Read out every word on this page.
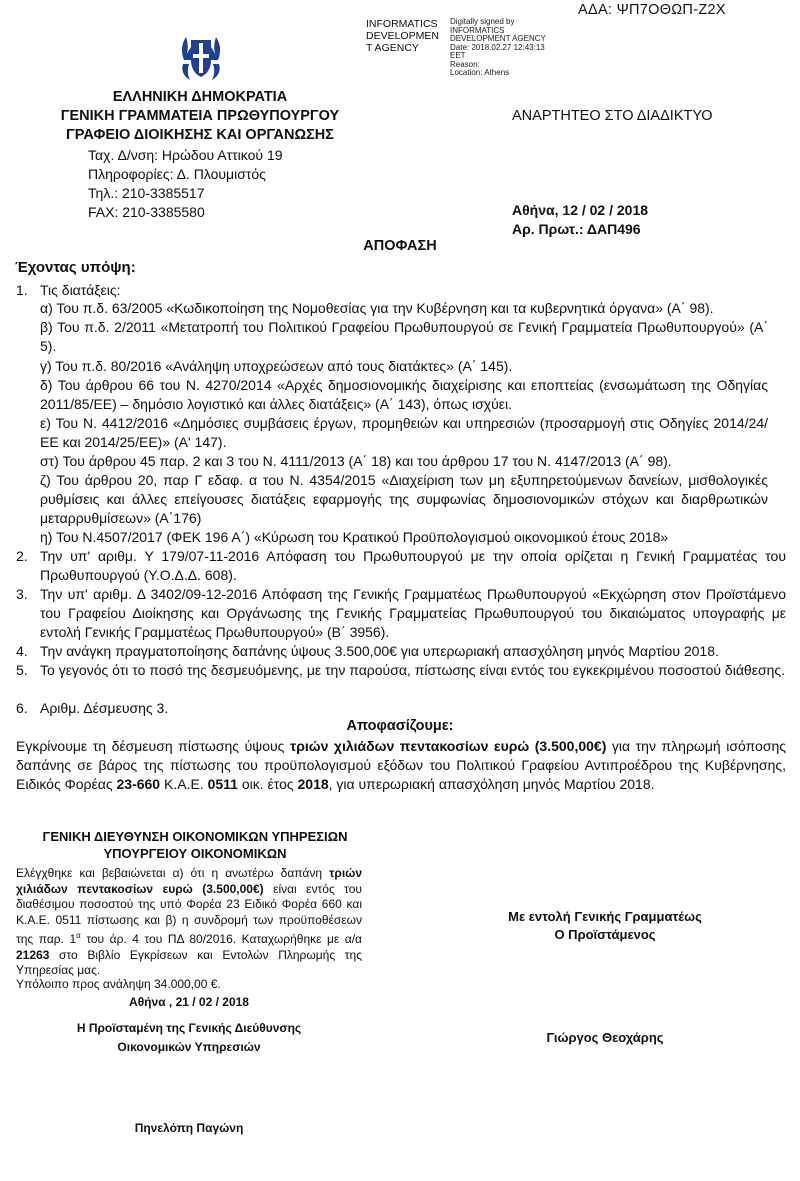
INFORMATICS
DEVELOPMEN
T AGENCY
Digitally signed by
INFORMATICS
DEVELOPMENT AGENCY
Date: 2018.02.27 12:43:13
EET
Reason:
Location: Athens
ΑΔΑ: ΨΠ7ΟΘΩΠ-Ζ2Χ
ΕΛΛΗΝΙΚΗ ΔΗΜΟΚΡΑΤΙΑ
ΓΕΝΙΚΗ ΓΡΑΜΜΑΤΕΙΑ ΠΡΩΘΥΠΟΥΡΓΟΥ
ΓΡΑΦΕΙΟ ΔΙΟΙΚΗΣΗΣ ΚΑΙ ΟΡΓΑΝΩΣΗΣ
Ταχ. Δ/νση: Ηρώδου Αττικού 19
Πληροφορίες: Δ. Πλουμιστός
Τηλ.: 210-3385517
FAX: 210-3385580
ΑΝΑΡΤΗΤΕΟ ΣΤΟ ΔΙΑΔΙΚΤΥΟ
Αθήνα, 12 / 02 / 2018
Αρ. Πρωτ.: ΔΑΠ496
ΑΠΟΦΑΣΗ
Έχοντας υπόψη:
1. Τις διατάξεις:
α) Του π.δ. 63/2005 «Κωδικοποίηση της Νομοθεσίας για την Κυβέρνηση και τα κυβερνητικά όργανα» (Α΄ 98).
β) Του π.δ. 2/2011 «Μετατροπή του Πολιτικού Γραφείου Πρωθυπουργού σε Γενική Γραμματεία Πρωθυπουργού» (Α΄ 5).
γ) Του π.δ. 80/2016 «Ανάληψη υποχρεώσεων από τους διατάκτες» (Α΄ 145).
δ) Του άρθρου 66 του Ν. 4270/2014 «Αρχές δημοσιονομικής διαχείρισης και εποπτείας (ενσωμάτωση της Οδηγίας 2011/85/ΕΕ) – δημόσιο λογιστικό και άλλες διατάξεις» (Α΄ 143), όπως ισχύει.
ε) Του Ν. 4412/2016 «Δημόσιες συμβάσεις έργων, προμηθειών και υπηρεσιών (προσαρμογή στις Οδηγίες 2014/24/ΕΕ και 2014/25/ΕΕ)» (Α' 147).
στ) Του άρθρου 45 παρ. 2 και 3 του Ν. 4111/2013 (Α΄ 18) και του άρθρου 17 του Ν. 4147/2013 (Α΄ 98).
ζ) Του άρθρου 20, παρ Γ εδαφ. α του Ν. 4354/2015 «Διαχείριση των μη εξυπηρετούμενων δανείων, μισθολογικές ρυθμίσεις και άλλες επείγουσες διατάξεις εφαρμογής της συμφωνίας δημοσιονομικών στόχων και διαρθρωτικών μεταρρυθμίσεων» (Α΄176)
η) Του Ν.4507/2017 (ΦΕΚ 196 Α΄) «Κύρωση του Κρατικού Προϋπολογισμού οικονομικού έτους 2018»
2. Την υπ' αριθμ. Υ 179/07-11-2016 Απόφαση του Πρωθυπουργού με την οποία ορίζεται η Γενική Γραμματέας του Πρωθυπουργού (Υ.Ο.Δ.Δ. 608).
3. Την υπ' αριθμ. Δ 3402/09-12-2016 Απόφαση της Γενικής Γραμματέως Πρωθυπουργού «Εκχώρηση στον Προϊστάμενο του Γραφείου Διοίκησης και Οργάνωσης της Γενικής Γραμματείας Πρωθυπουργού του δικαιώματος υπογραφής με εντολή Γενικής Γραμματέως Πρωθυπουργού» (Β΄ 3956).
4. Την ανάγκη πραγματοποίησης δαπάνης ύψους 3.500,00€ για υπερωριακή απασχόληση μηνός Μαρτίου 2018.
5. Το γεγονός ότι το ποσό της δεσμευόμενης, με την παρούσα, πίστωσης είναι εντός του εγκεκριμένου ποσοστού διάθεσης.
6. Αριθμ. Δέσμευσης 3.
Αποφασίζουμε:
Εγκρίνουμε τη δέσμευση πίστωσης ύψους τριών χιλιάδων πεντακοσίων ευρώ (3.500,00€) για την πληρωμή ισόποσης δαπάνης σε βάρος της πίστωσης του προϋπολογισμού εξόδων του Πολιτικού Γραφείου Αντιπροέδρου της Κυβέρνησης, Ειδικός Φορέας 23-660 Κ.Α.Ε. 0511 οικ. έτος 2018, για υπερωριακή απασχόληση μηνός Μαρτίου 2018.
ΓΕΝΙΚΗ ΔΙΕΥΘΥΝΣΗ ΟΙΚΟΝΟΜΙΚΩΝ ΥΠΗΡΕΣΙΩΝ
ΥΠΟΥΡΓΕΙΟΥ ΟΙΚΟΝΟΜΙΚΩΝ
Ελέγχθηκε και βεβαιώνεται α) ότι η ανωτέρω δαπάνη τριών χιλιάδων πεντακοσίων ευρώ (3.500,00€) είναι εντός του διαθέσιμου ποσοστού της υπό Φορέα 23 Ειδικό Φορέα 660 και Κ.Α.Ε. 0511 πίστωσης και β) η συνδρομή των προϋποθέσεων της παρ. $1^\alpha$ του άρ. 4 του ΠΔ 80/2016. Καταχωρήθηκε με α/α 21263 στο Βιβλίο Εγκρίσεων και Εντολών Πληρωμής της Υπηρεσίας μας.
Υπόλοιπο προς ανάληψη 34.000,00 €.
Αθήνα , 21 / 02 / 2018
Η Προϊσταμένη της Γενικής Διεύθυνσης
Οικονομικών Υπηρεσιών
Πηνελόπη Παγώνη
Με εντολή Γενικής Γραμματέως
Ο Προϊστάμενος
Γιώργος Θεοχάρης
